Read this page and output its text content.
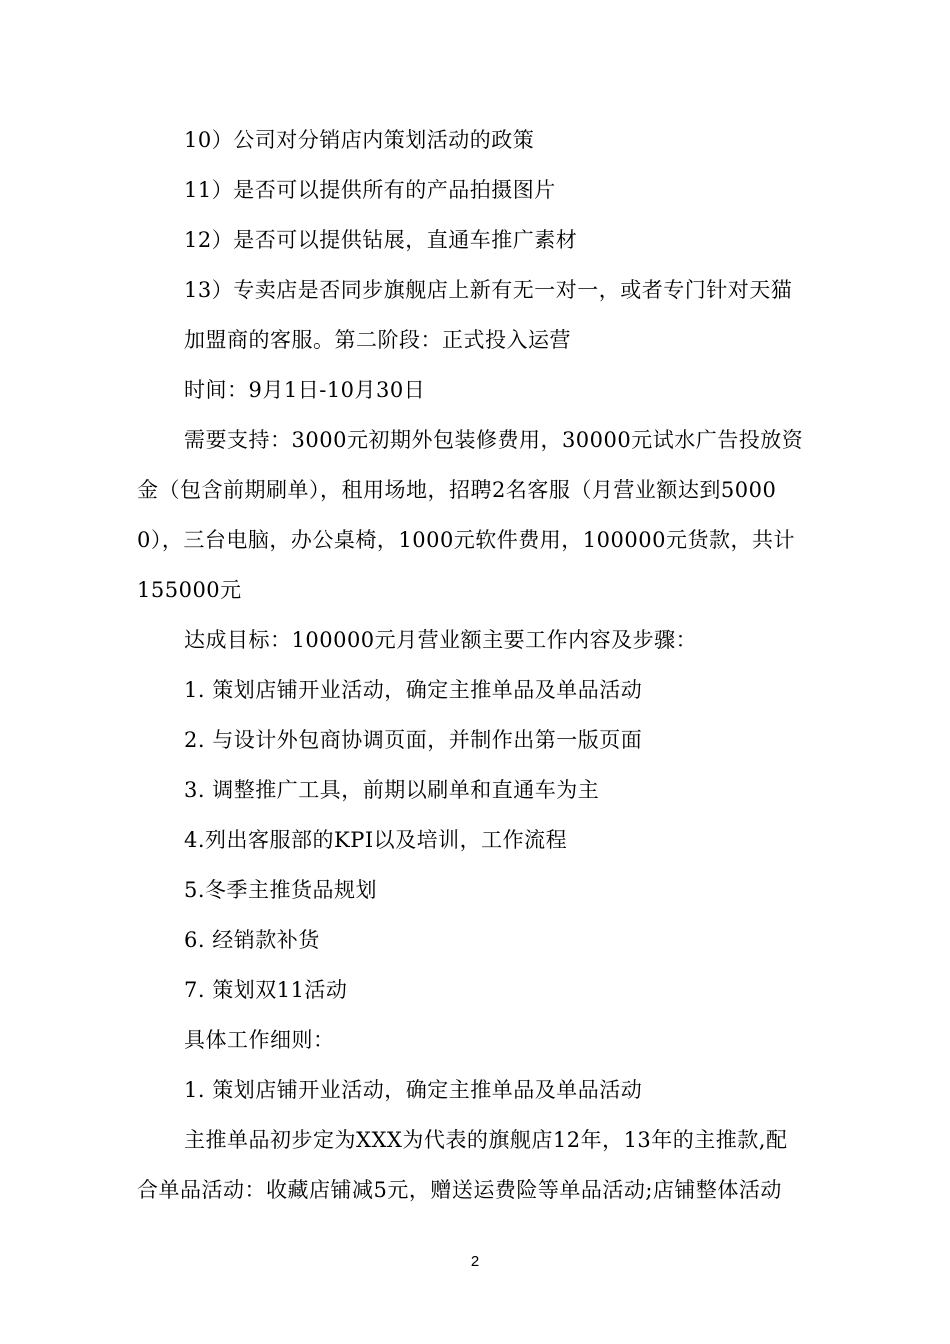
10）公司对分销店内策划活动的政策
11）是否可以提供所有的产品拍摄图片
12）是否可以提供钻展，直通车推广素材
13）专卖店是否同步旗舰店上新有无一对一，或者专门针对天猫
加盟商的客服。第二阶段：正式投入运营
时间：9月1日-10月30日
需要支持：3000元初期外包装修费用，30000元试水广告投放资
金（包含前期刷单），租用场地，招聘2名客服（月营业额达到5000
0），三台电脑，办公桌椅，1000元软件费用，100000元货款，共计
155000元
达成目标：100000元月营业额主要工作内容及步骤：
1. 策划店铺开业活动，确定主推单品及单品活动
2. 与设计外包商协调页面，并制作出第一版页面
3. 调整推广工具，前期以刷单和直通车为主
4.列出客服部的KPI以及培训，工作流程
5.冬季主推货品规划
6. 经销款补货
7. 策划双11活动
具体工作细则：
1. 策划店铺开业活动，确定主推单品及单品活动
主推单品初步定为XXX为代表的旗舰店12年，13年的主推款,配
合单品活动：收藏店铺减5元，赠送运费险等单品活动;店铺整体活动
2
